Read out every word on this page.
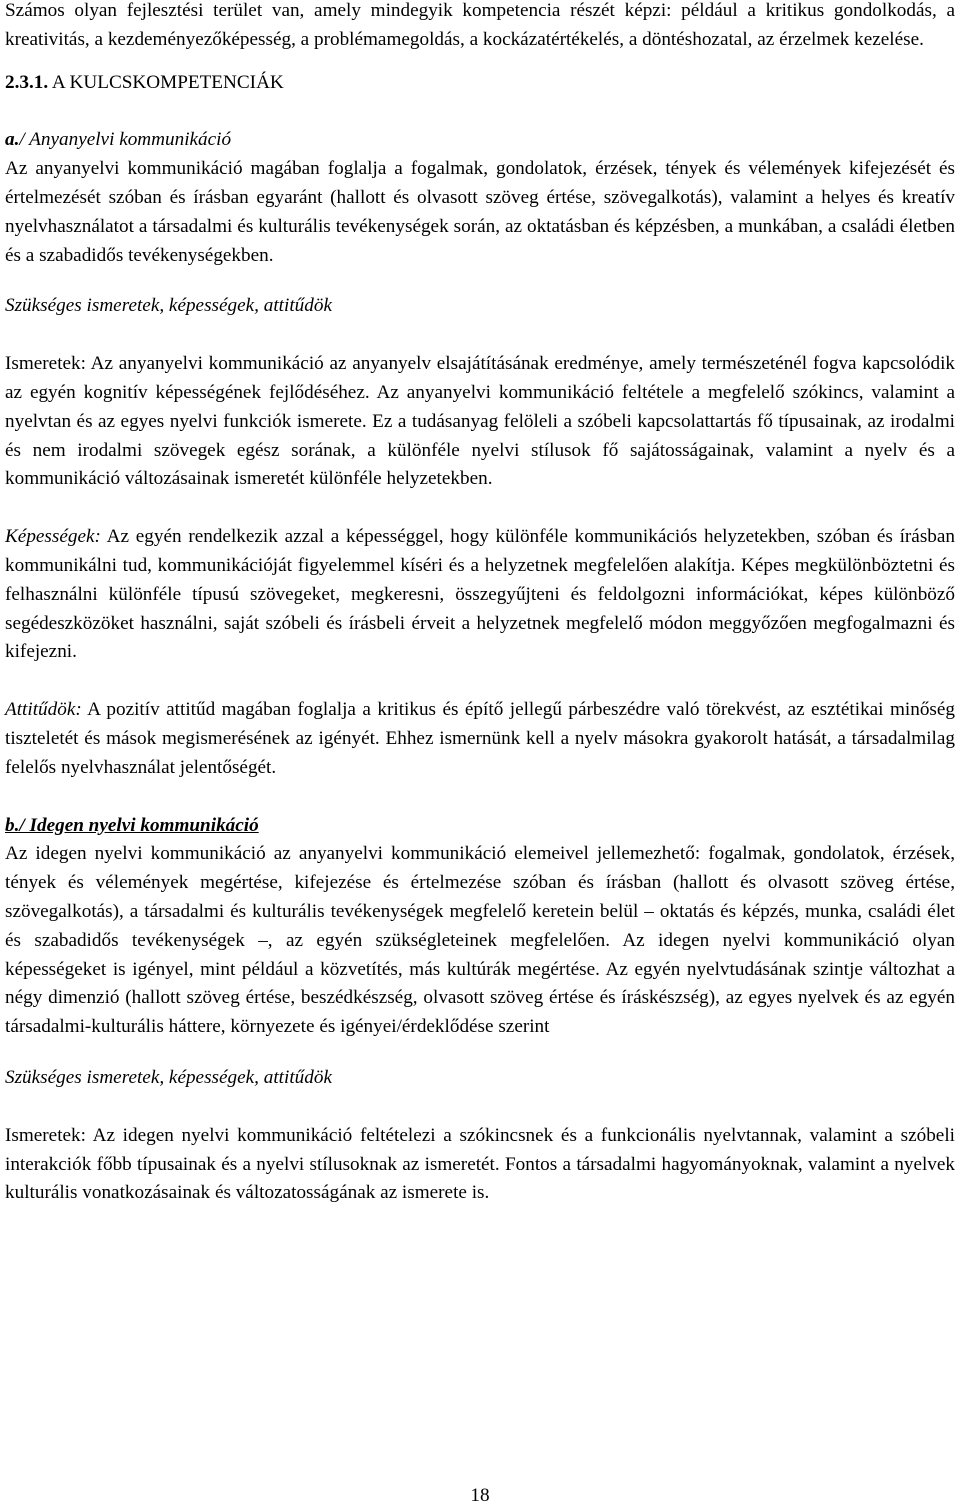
Számos olyan fejlesztési terület van, amely mindegyik kompetencia részét képzi: például a kritikus gondolkodás, a kreativitás, a kezdeményezőképesség, a problémamegoldás, a kockázatértékelés, a döntéshozatal, az érzelmek kezelése.

2.3.1. A KULCSKOMPETENCIÁK

a./ Anyanyelvi kommunikáció

Az anyanyelvi kommunikáció magában foglalja a fogalmak, gondolatok, érzések, tények és vélemények kifejezését és értelmezését szóban és írásban egyaránt (hallott és olvasott szöveg értése, szövegalkotás), valamint a helyes és kreatív nyelvhasználatot a társadalmi és kulturális tevékenységek során, az oktatásban és képzésben, a munkában, a családi életben és a szabadidős tevékenységekben.

Szükséges ismeretek, képességek, attitűdök

Ismeretek: Az anyanyelvi kommunikáció az anyanyelv elsajátításának eredménye, amely természeténél fogva kapcsolódik az egyén kognitív képességének fejlődéséhez. Az anyanyelvi kommunikáció feltétele a megfelelő szókincs, valamint a nyelvtan és az egyes nyelvi funkciók ismerete. Ez a tudásanyag felöleli a szóbeli kapcsolattartás fő típusainak, az irodalmi és nem irodalmi szövegek egész sorának, a különféle nyelvi stílusok fő sajátosságainak, valamint a nyelv és a kommunikáció változásainak ismeretét különféle helyzetekben.

Képességek: Az egyén rendelkezik azzal a képességgel, hogy különféle kommunikációs helyzetekben, szóban és írásban kommunikálni tud, kommunikációját figyelemmel kíséri és a helyzetnek megfelelően alakítja. Képes megkülönböztetni és felhasználni különféle típusú szövegeket, megkeresni, összegyűjteni és feldolgozni információkat, képes különböző segédeszközöket használni, saját szóbeli és írásbeli érveit a helyzetnek megfelelő módon meggyőzően megfogalmazni és kifejezni.

Attitűdök: A pozitív attitűd magában foglalja a kritikus és építő jellegű párbeszédre való törekvést, az esztétikai minőség tiszteletét és mások megismerésének az igényét. Ehhez ismernünk kell a nyelv másokra gyakorolt hatását, a társadalmilag felelős nyelvhasználat jelentőségét.

b./ Idegen nyelvi kommunikáció

Az idegen nyelvi kommunikáció az anyanyelvi kommunikáció elemeivel jellemezhető: fogalmak, gondolatok, érzések, tények és vélemények megértése, kifejezése és értelmezése szóban és írásban (hallott és olvasott szöveg értése, szövegalkotás), a társadalmi és kulturális tevékenységek megfelelő keretein belül – oktatás és képzés, munka, családi élet és szabadidős tevékenységek –, az egyén szükségleteinek megfelelően. Az idegen nyelvi kommunikáció olyan képességeket is igényel, mint például a közvetítés, más kultúrák megértése. Az egyén nyelvtudásának szintje változhat a négy dimenzió (hallott szöveg értése, beszédkészség, olvasott szöveg értése és íráskészség), az egyes nyelvek és az egyén társadalmi-kulturális háttere, környezete és igényei/érdeklődése szerint

Szükséges ismeretek, képességek, attitűdök

Ismeretek: Az idegen nyelvi kommunikáció feltételezi a szókincsnek és a funkcionális nyelvtannak, valamint a szóbeli interakciók főbb típusainak és a nyelvi stílusoknak az ismeretét. Fontos a társadalmi hagyományoknak, valamint a nyelvek kulturális vonatkozásainak és változatosságának az ismerete is.

18
